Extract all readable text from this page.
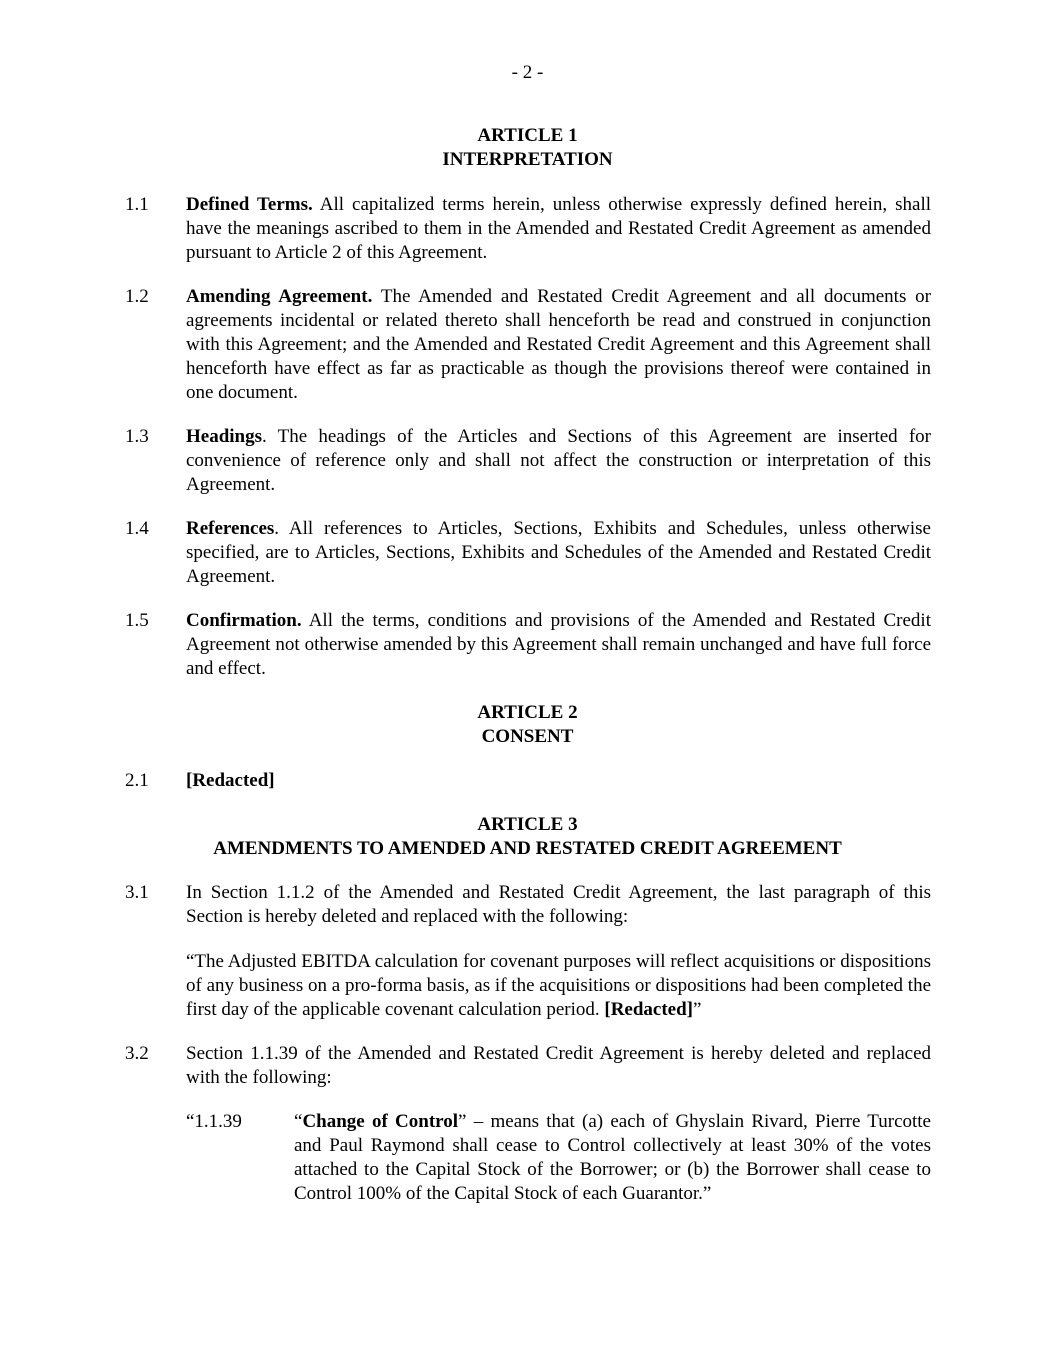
- 2 -
ARTICLE 1
INTERPRETATION
1.1 Defined Terms. All capitalized terms herein, unless otherwise expressly defined herein, shall have the meanings ascribed to them in the Amended and Restated Credit Agreement as amended pursuant to Article 2 of this Agreement.
1.2 Amending Agreement. The Amended and Restated Credit Agreement and all documents or agreements incidental or related thereto shall henceforth be read and construed in conjunction with this Agreement; and the Amended and Restated Credit Agreement and this Agreement shall henceforth have effect as far as practicable as though the provisions thereof were contained in one document.
1.3 Headings. The headings of the Articles and Sections of this Agreement are inserted for convenience of reference only and shall not affect the construction or interpretation of this Agreement.
1.4 References. All references to Articles, Sections, Exhibits and Schedules, unless otherwise specified, are to Articles, Sections, Exhibits and Schedules of the Amended and Restated Credit Agreement.
1.5 Confirmation. All the terms, conditions and provisions of the Amended and Restated Credit Agreement not otherwise amended by this Agreement shall remain unchanged and have full force and effect.
ARTICLE 2
CONSENT
2.1 [Redacted]
ARTICLE 3
AMENDMENTS TO AMENDED AND RESTATED CREDIT AGREEMENT
3.1 In Section 1.1.2 of the Amended and Restated Credit Agreement, the last paragraph of this Section is hereby deleted and replaced with the following:
“The Adjusted EBITDA calculation for covenant purposes will reflect acquisitions or dispositions of any business on a pro-forma basis, as if the acquisitions or dispositions had been completed the first day of the applicable covenant calculation period. [Redacted]”
3.2 Section 1.1.39 of the Amended and Restated Credit Agreement is hereby deleted and replaced with the following:
“1.1.39	“Change of Control” – means that (a) each of Ghyslain Rivard, Pierre Turcotte and Paul Raymond shall cease to Control collectively at least 30% of the votes attached to the Capital Stock of the Borrower; or (b) the Borrower shall cease to Control 100% of the Capital Stock of each Guarantor.”
